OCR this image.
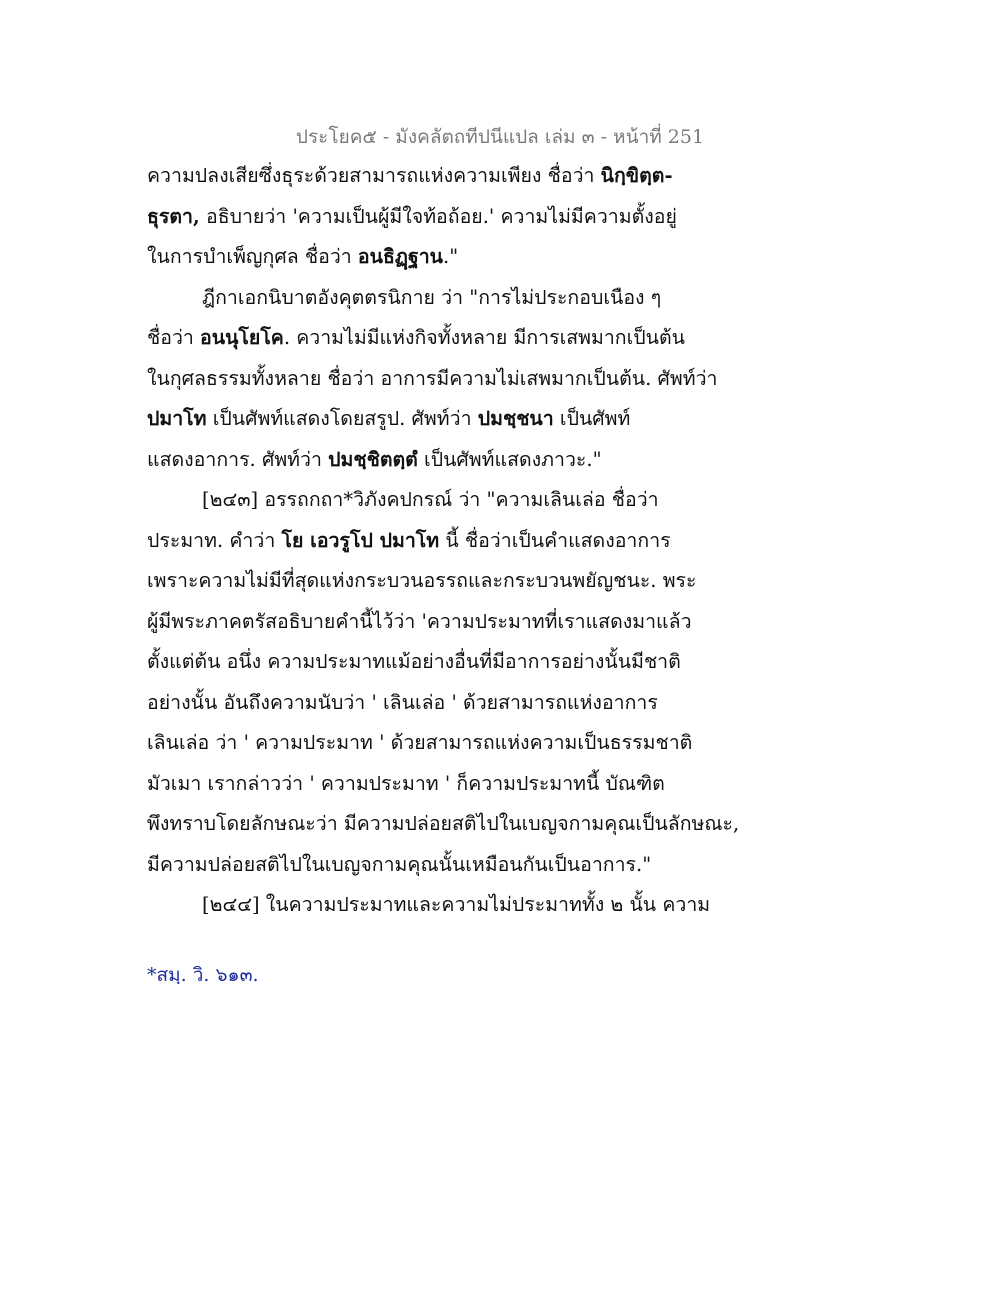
ประโยค๕ - มังคลัตถทีปนีแปล เล่ม ๓ - หน้าที่ 251
ความปลงเสียซึ่งธุระด้วยสามารถแห่งความเพียง ชื่อว่า นิกฺขิตฺต-
ธุรตา, อธิบายว่า 'ความเป็นผู้มีใจท้อถ้อย.' ความไม่มีความตั้งอยู่
ในการบำเพ็ญกุศล ชื่อว่า อนธิฏฺฐาน."
ฎีกาเอกนิบาตอังคุตตรนิกาย ว่า "การไม่ประกอบเนือง ๆ
ชื่อว่า อนนุโยโค. ความไม่มีแห่งกิจทั้งหลาย มีการเสพมากเป็นต้น
ในกุศลธรรมทั้งหลาย ชื่อว่า อาการมีความไม่เสพมากเป็นต้น. ศัพท์ว่า
ปมาโท เป็นศัพท์แสดงโดยสรูป. ศัพท์ว่า ปมชฺชนา เป็นศัพท์
แสดงอาการ. ศัพท์ว่า ปมชฺชิตตฺตํ เป็นศัพท์แสดงภาวะ."
[๒๔๓] อรรถกถา*วิภังคปกรณ์ ว่า "ความเลินเล่อ ชื่อว่า
ประมาท. คำว่า โย เอวรูโป ปมาโท นี้ ชื่อว่าเป็นคำแสดงอาการ
เพราะความไม่มีที่สุดแห่งกระบวนอรรถและกระบวนพยัญชนะ. พระ
ผู้มีพระภาคตรัสอธิบายคำนี้ไว้ว่า 'ความประมาทที่เราแสดงมาแล้ว
ตั้งแต่ต้น อนึ่ง ความประมาทแม้อย่างอื่นที่มีอาการอย่างนั้นมีชาติ
อย่างนั้น อันถึงความนับว่า ' เลินเล่อ ' ด้วยสามารถแห่งอาการ
เลินเล่อ ว่า ' ความประมาท ' ด้วยสามารถแห่งความเป็นธรรมชาติ
มัวเมา เรากล่าวว่า ' ความประมาท ' ก็ความประมาทนี้ บัณฑิต
พึงทราบโดยลักษณะว่า มีความปล่อยสติไปในเบญจกามคุณเป็นลักษณะ,
มีความปล่อยสติไปในเบญจกามคุณนั้นเหมือนกันเป็นอาการ."
[๒๔๔] ในความประมาทและความไม่ประมาททั้ง ๒ นั้น ความ
*สมฺ. วิ. ๖๑๓.
